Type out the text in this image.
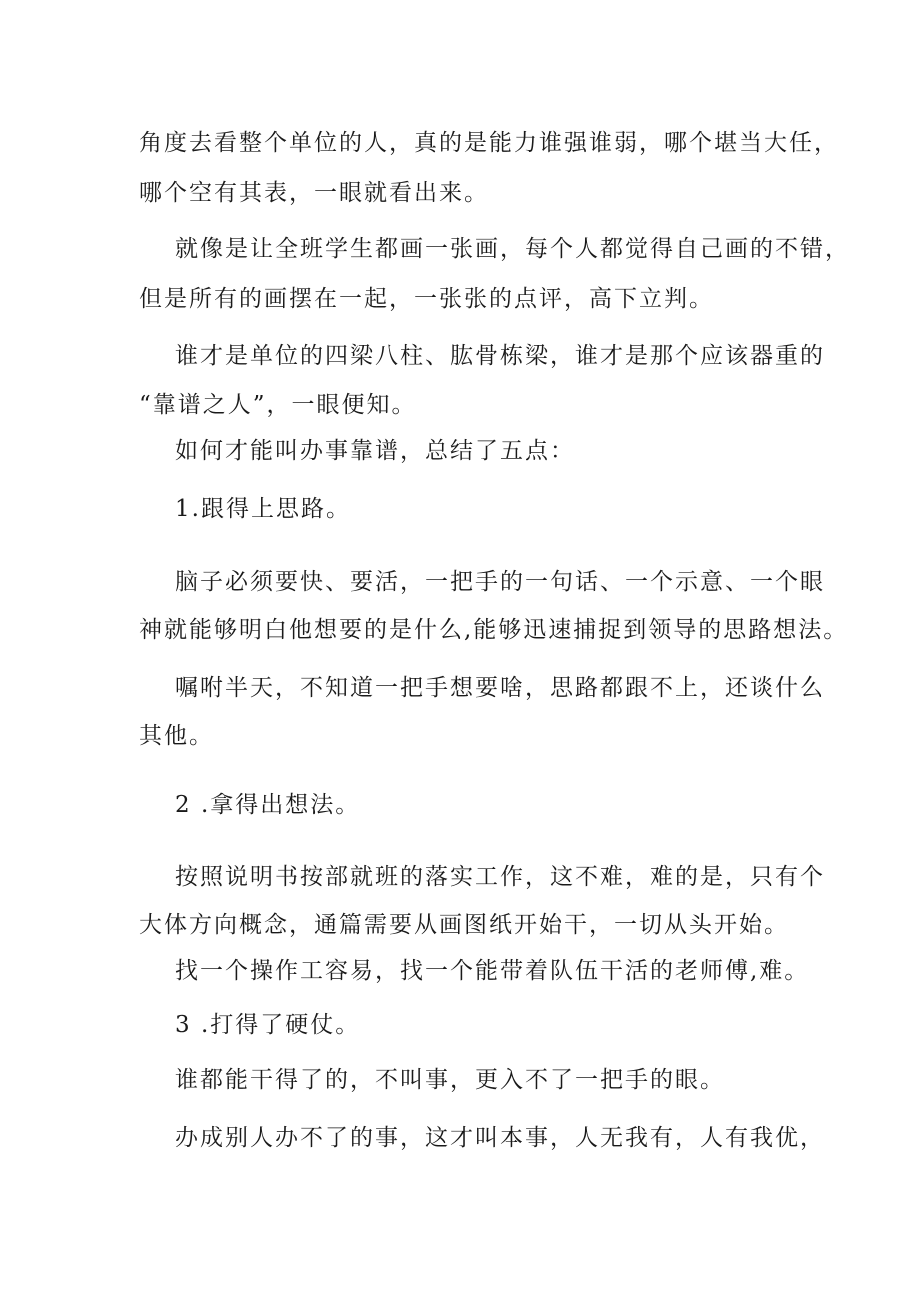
角度去看整个单位的人，真的是能力谁强谁弱，哪个堪当大任，
哪个空有其表，一眼就看出来。
就像是让全班学生都画一张画，每个人都觉得自己画的不错，
但是所有的画摆在一起，一张张的点评，高下立判。
谁才是单位的四梁八柱、肱骨栋梁，谁才是那个应该器重的
“靠谱之人”，一眼便知。
如何才能叫办事靠谱，总结了五点：
1.跟得上思路。
脑子必须要快、要活，一把手的一句话、一个示意、一个眼
神就能够明白他想要的是什么,能够迅速捕捉到领导的思路想法。
嘱咐半天，不知道一把手想要啥，思路都跟不上，还谈什么
其他。
2 .拿得出想法。
按照说明书按部就班的落实工作，这不难，难的是，只有个
大体方向概念，通篇需要从画图纸开始干，一切从头开始。
找一个操作工容易，找一个能带着队伍干活的老师傅,难。
3 .打得了硬仗。
谁都能干得了的，不叫事，更入不了一把手的眼。
办成别人办不了的事，这才叫本事，人无我有，人有我优，
